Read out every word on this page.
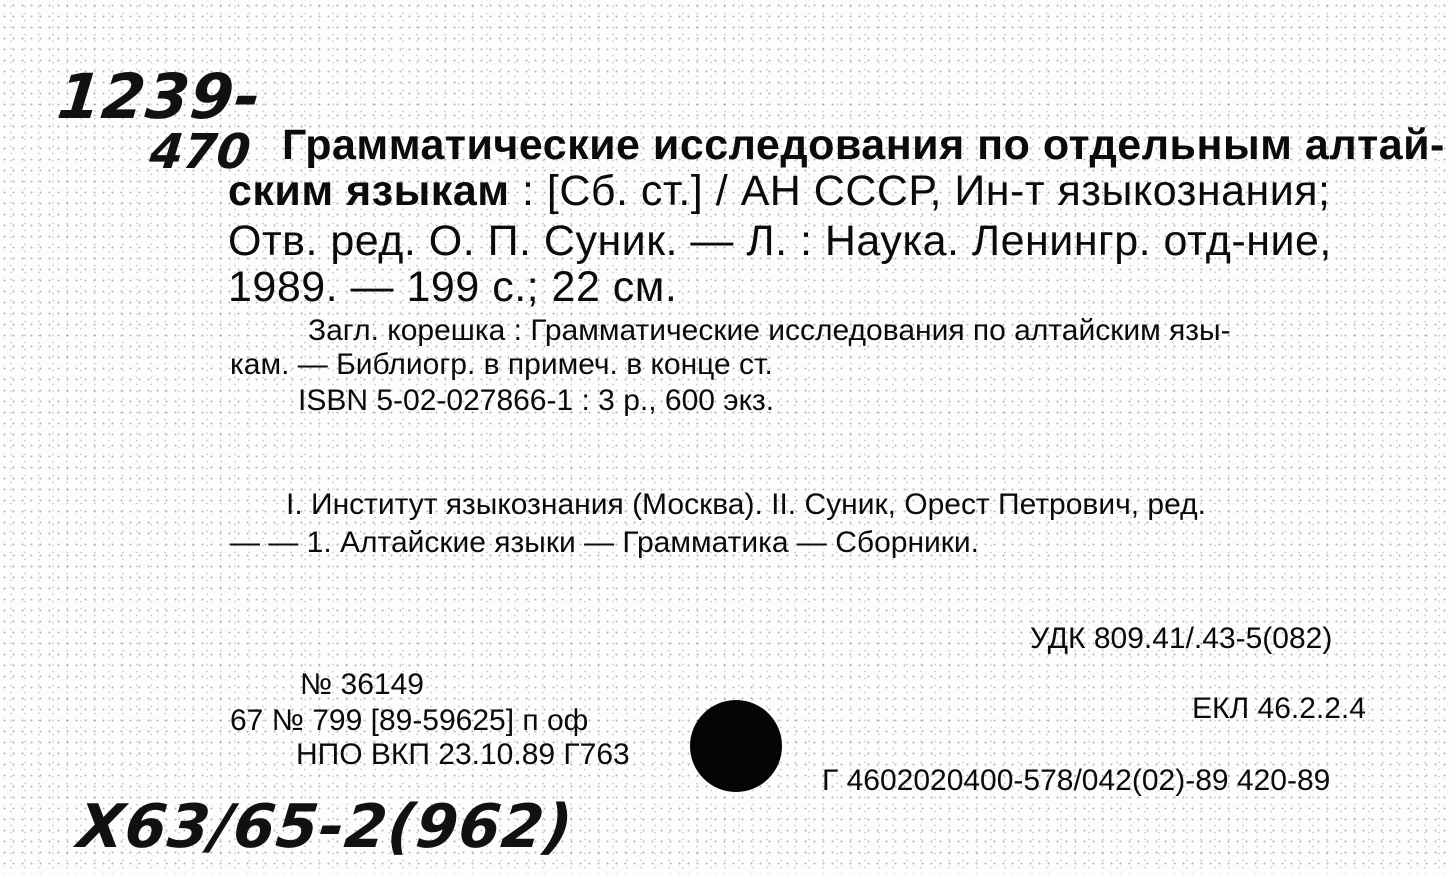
1239-
470 Грамматические исследования по отдельным алтай-
ским языкам : [Сб. ст.] / АН СССР, Ин-т языкознания;
Отв. ред. О. П. Суник. — Л. : Наука. Ленингр. отд-ние,
1989. — 199 с.; 22 см.
Загл. корешка : Грамматические исследования по алтайским язы-
кам. — Библиогр. в примеч. в конце ст.
ISBN 5-02-027866-1 : 3 р., 600 экз.
I. Институт языкознания (Москва). II. Суник, Орест Петрович, ред.
— — 1. Алтайские языки — Грамматика — Сборники.
УДК 809.41/.43-5(082)
ЕКЛ 46.2.2.4
Г 4602020400-578/042(02)-89 420-89
№ 36149
67 № 799 [89-59625] п оф
НПО ВКП 23.10.89 Г763
X63/65-2(962)
